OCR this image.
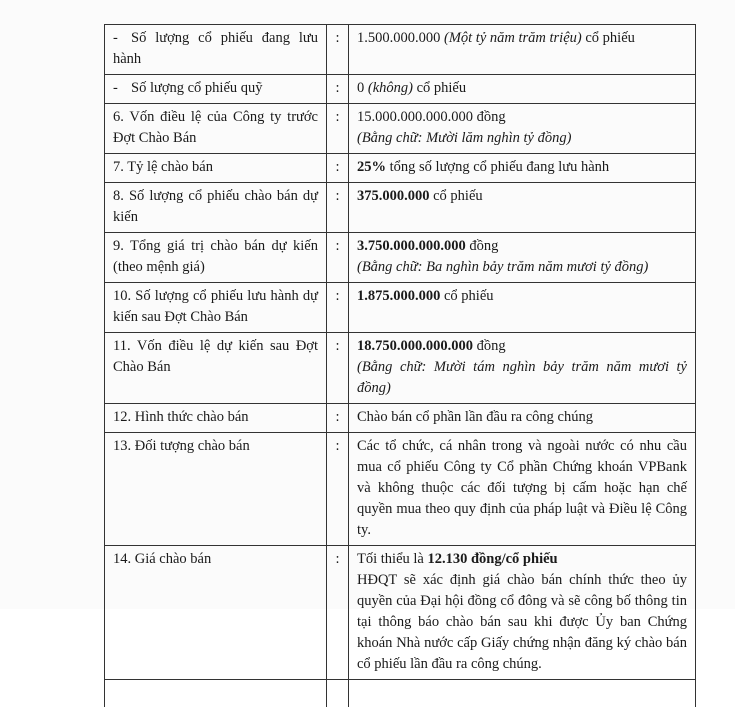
- Số lượng cổ phiếu đang lưu hành	:	1.500.000.000 (Một tỷ năm trăm triệu) cổ phiếu
- Số lượng cổ phiếu quỹ	:	0 (không) cổ phiếu
6. Vốn điều lệ của Công ty trước Đợt Chào Bán	:	15.000.000.000.000 đồng
(Bằng chữ: Mười lăm nghìn tỷ đồng)

7. Tỷ lệ chào bán	:	25% tổng số lượng cổ phiếu đang lưu hành
8. Số lượng cổ phiếu chào bán dự kiến	:	375.000.000 cổ phiếu
9. Tổng giá trị chào bán dự kiến (theo mệnh giá)	:	3.750.000.000.000 đồng
(Bằng chữ: Ba nghìn bảy trăm năm mươi tỷ đồng)

10. Số lượng cổ phiếu lưu hành dự kiến sau Đợt Chào Bán	:	1.875.000.000 cổ phiếu
11. Vốn điều lệ dự kiến sau Đợt Chào Bán	:	18.750.000.000.000 đồng
(Bằng chữ: Mười tám nghìn bảy trăm năm mươi tỷ đồng)

12. Hình thức chào bán	:	Chào bán cổ phần lần đầu ra công chúng
13. Đối tượng chào bán	:	Các tổ chức, cá nhân trong và ngoài nước có nhu cầu mua cổ phiếu Công ty Cổ phần Chứng khoán VPBank và không thuộc các đối tượng bị cấm hoặc hạn chế quyền mua theo quy định của pháp luật và Điều lệ Công ty.
14. Giá chào bán	:	Tối thiểu là 12.130 đồng/cổ phiếu
HĐQT sẽ xác định giá chào bán chính thức theo ủy quyền của Đại hội đồng cổ đông và sẽ công bố thông tin tại thông báo chào bán sau khi được Ủy ban Chứng khoán Nhà nước cấp Giấy chứng nhận đăng ký chào bán cổ phiếu lần đầu ra công chúng.
